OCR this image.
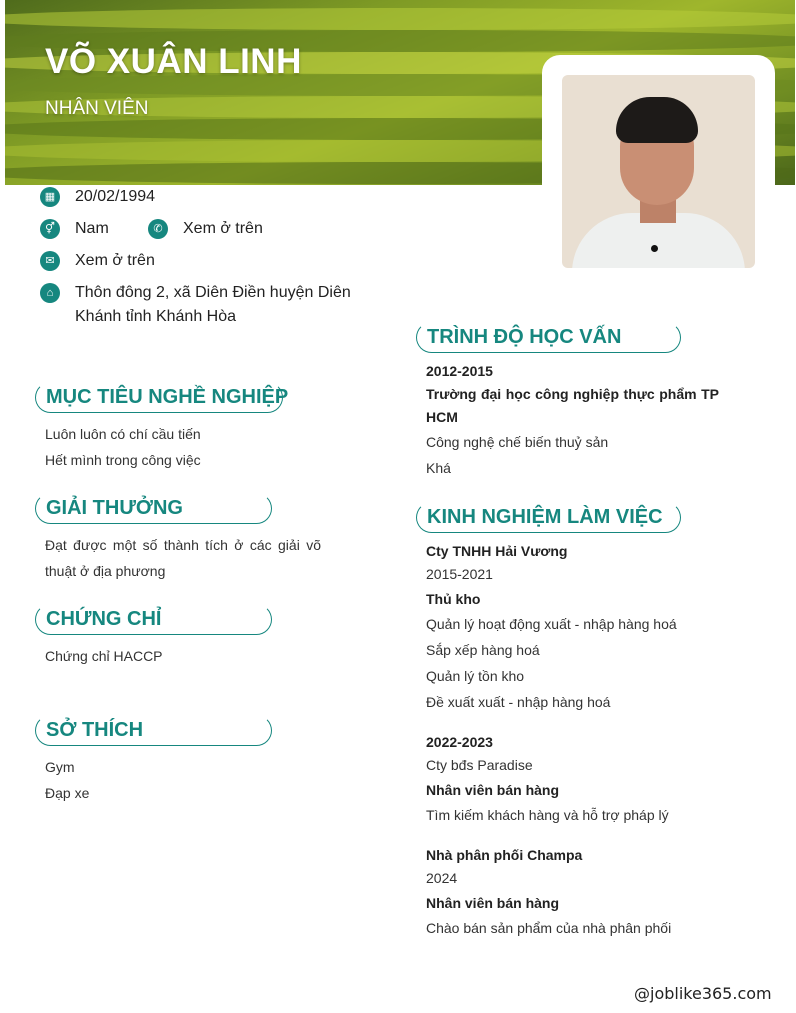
VÕ XUÂN LINH
NHÂN VIÊN
▦ 20/02/1994
⚥	Nam	✆	Xem ở trên
✉	Xem ở trên
⌂	Thôn đông 2, xã Diên Điền huyện Diên Khánh tỉnh Khánh Hòa
MỤC TIÊU NGHỀ NGHIỆP
Luôn luôn có chí cầu tiến
Hết mình trong công việc
GIẢI THƯỞNG
Đạt được một số thành tích ở các giải võ thuật ở địa phương
CHỨNG CHỈ
Chứng chỉ HACCP
SỞ THÍCH
Gym
Đạp xe
TRÌNH ĐỘ HỌC VẤN
2012-2015
Trường đại học công nghiệp thực phẩm TP HCM
Công nghệ chế biến thuỷ sản
Khá
KINH NGHIỆM LÀM VIỆC
Cty TNHH Hải Vương
2015-2021
Thủ kho
Quản lý hoạt động xuất - nhập hàng hoá
Sắp xếp hàng hoá
Quản lý tồn kho
Đề xuất xuất - nhập hàng hoá
2022-2023
Cty bđs Paradise
Nhân viên bán hàng
Tìm kiếm khách hàng và hỗ trợ pháp lý
Nhà phân phối Champa
2024
Nhân viên bán hàng
Chào bán sản phẩm của nhà phân phối
@joblike365.com
